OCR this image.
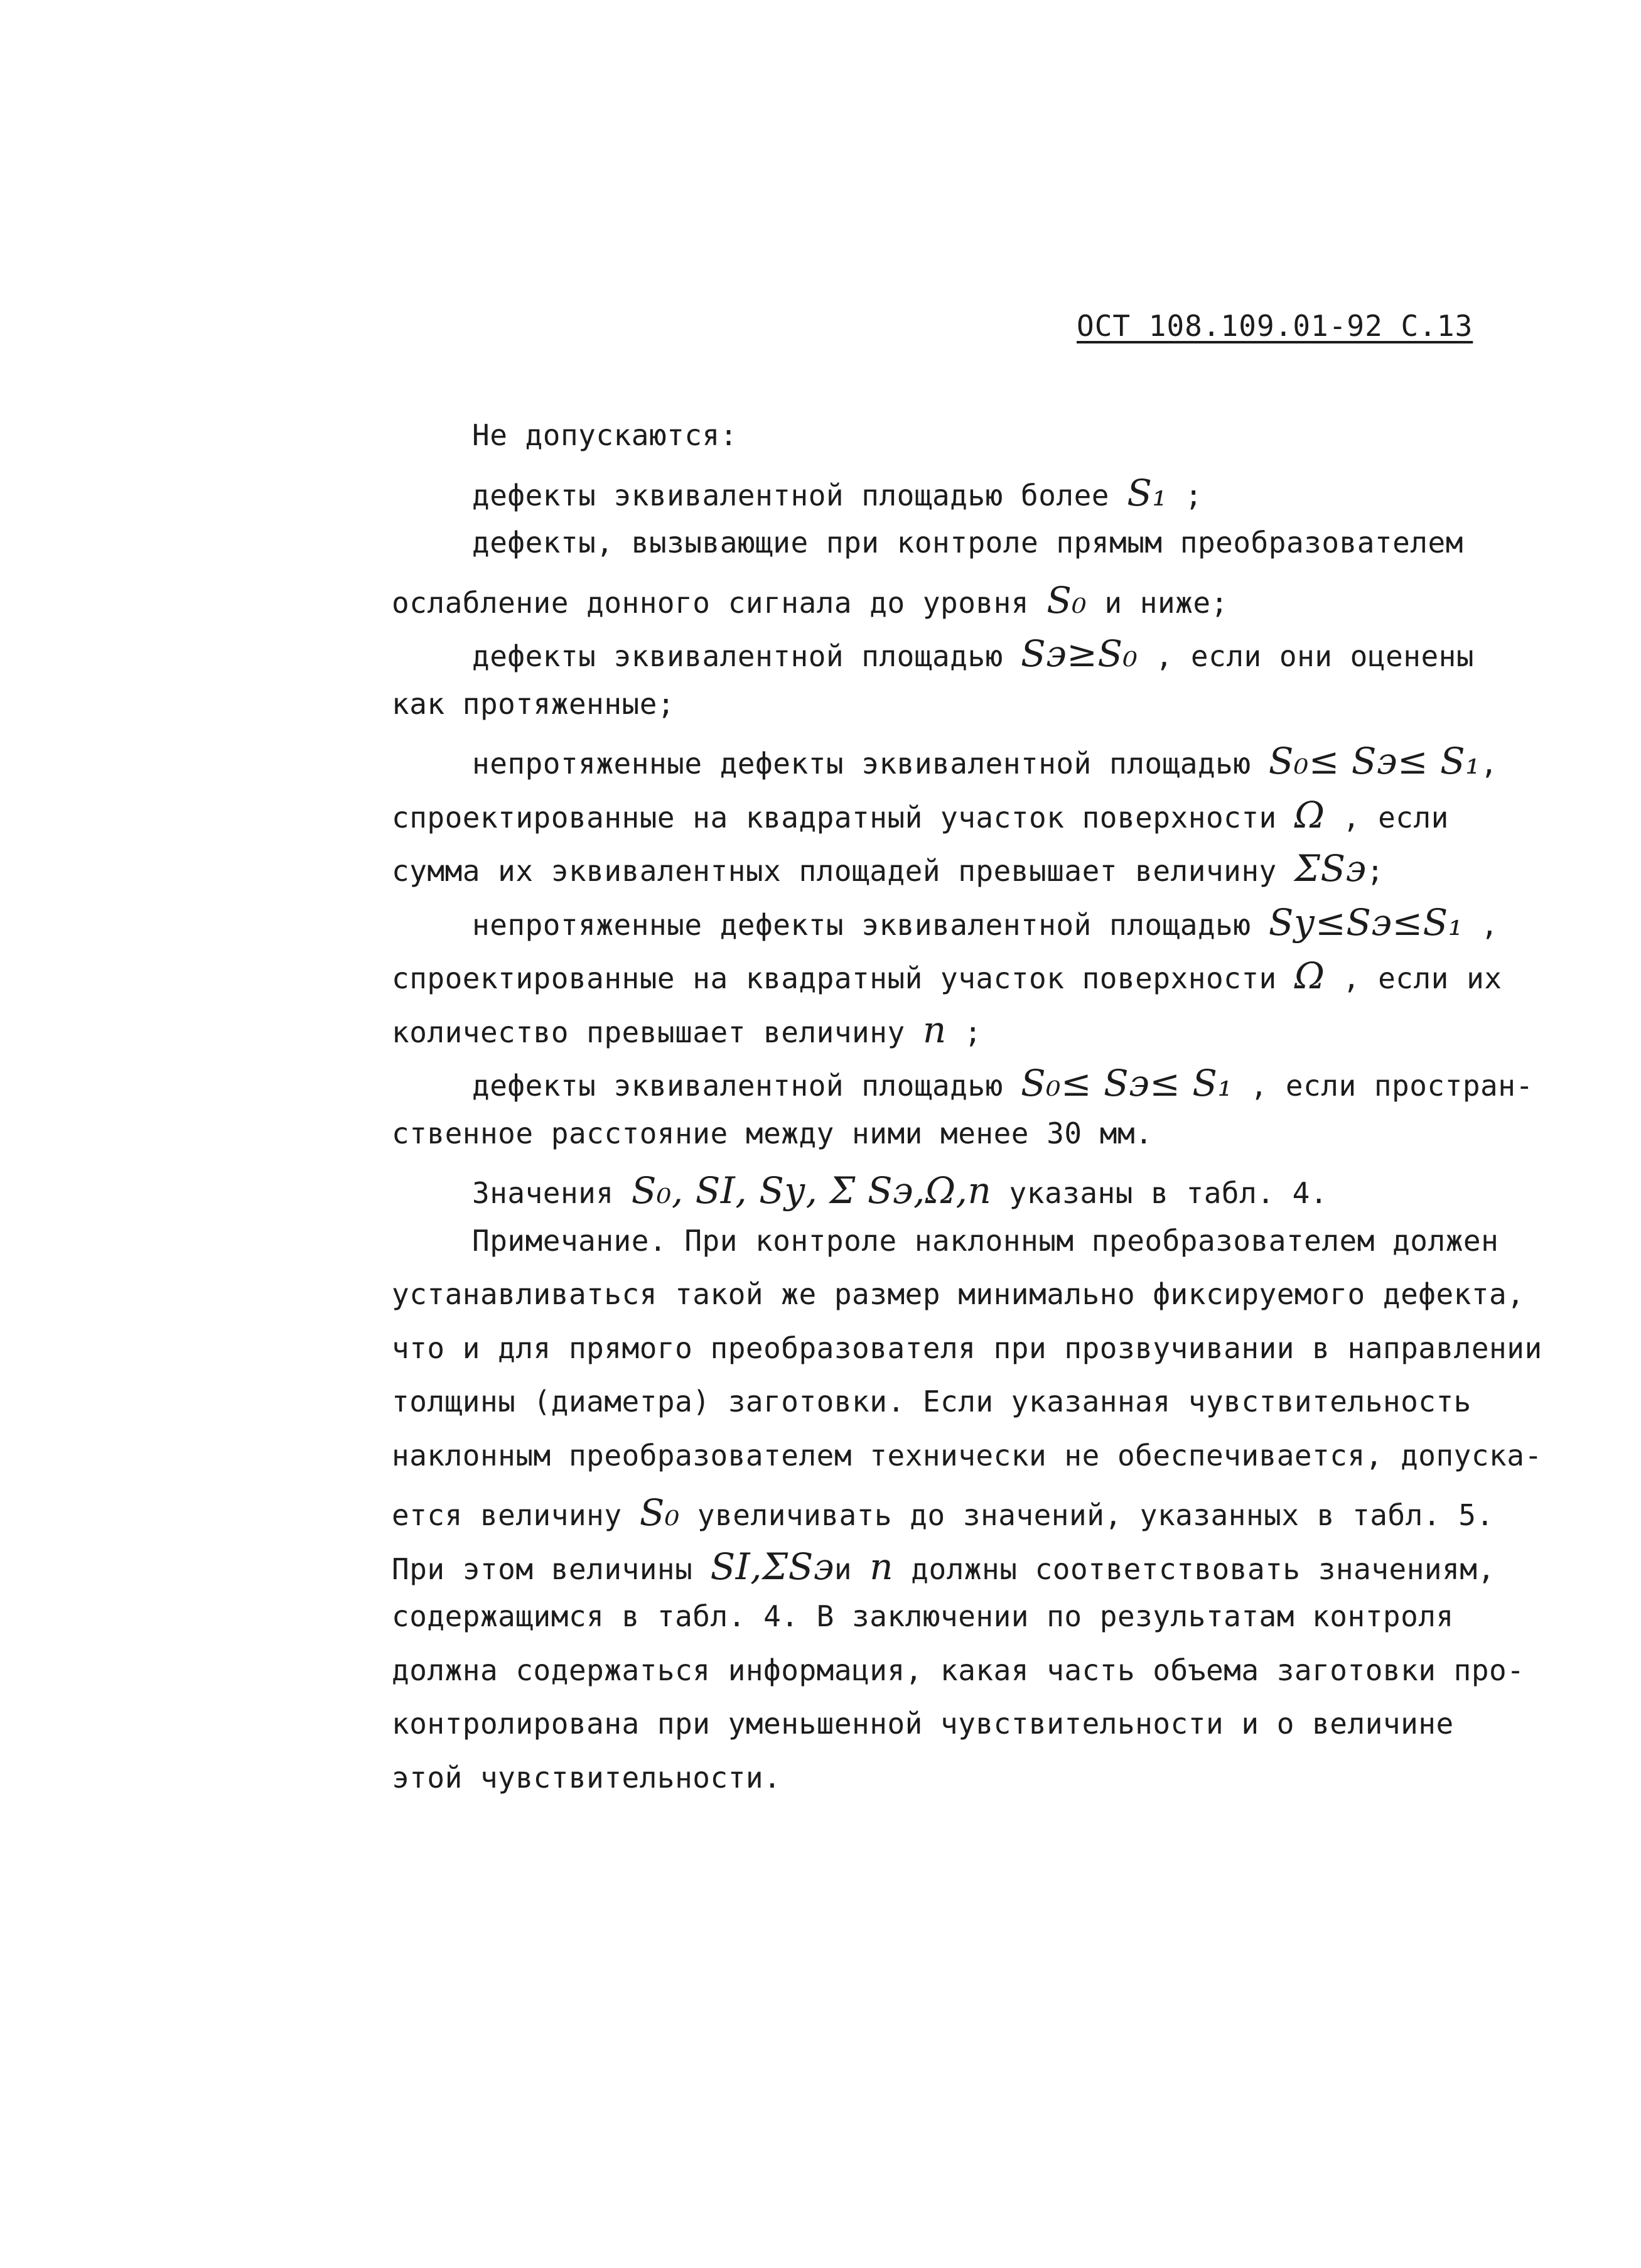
ОСТ 108.109.01-92 С.13
Не допускаются:
дефекты эквивалентной площадью более S₁ ;
дефекты, вызывающие при контроле прямым преобразователем
ослабление донного сигнала до уровня S₀ и ниже;
дефекты эквивалентной площадью Sэ≥S₀ , если они оценены
как протяженные;
непротяженные дефекты эквивалентной площадью S₀≤ Sэ≤ S₁,
спроектированные на квадратный участок поверхности Ω , если
сумма их эквивалентных площадей превышает величину ΣSэ;
непротяженные дефекты эквивалентной площадью Sу≤Sэ≤S₁ ,
спроектированные на квадратный участок поверхности Ω , если их
количество превышает величину n ;
дефекты эквивалентной площадью S₀≤ Sэ≤ S₁ , если простран-
ственное расстояние между ними менее 30 мм.
Значения S₀, SI, Sу, Σ Sэ,Ω,n указаны в табл. 4.
Примечание. При контроле наклонным преобразователем должен
устанавливаться такой же размер минимально фиксируемого дефекта,
что и для прямого преобразователя при прозвучивании в направлении
толщины (диаметра) заготовки. Если указанная чувствительность
наклонным преобразователем технически не обеспечивается, допуска-
ется величину S₀ увеличивать до значений, указанных в табл. 5.
При этом величины SI,ΣSэи n должны соответствовать значениям,
содержащимся в табл. 4. В заключении по результатам контроля
должна содержаться информация, какая часть объема заготовки про-
контролирована при уменьшенной чувствительности и о величине
этой чувствительности.
